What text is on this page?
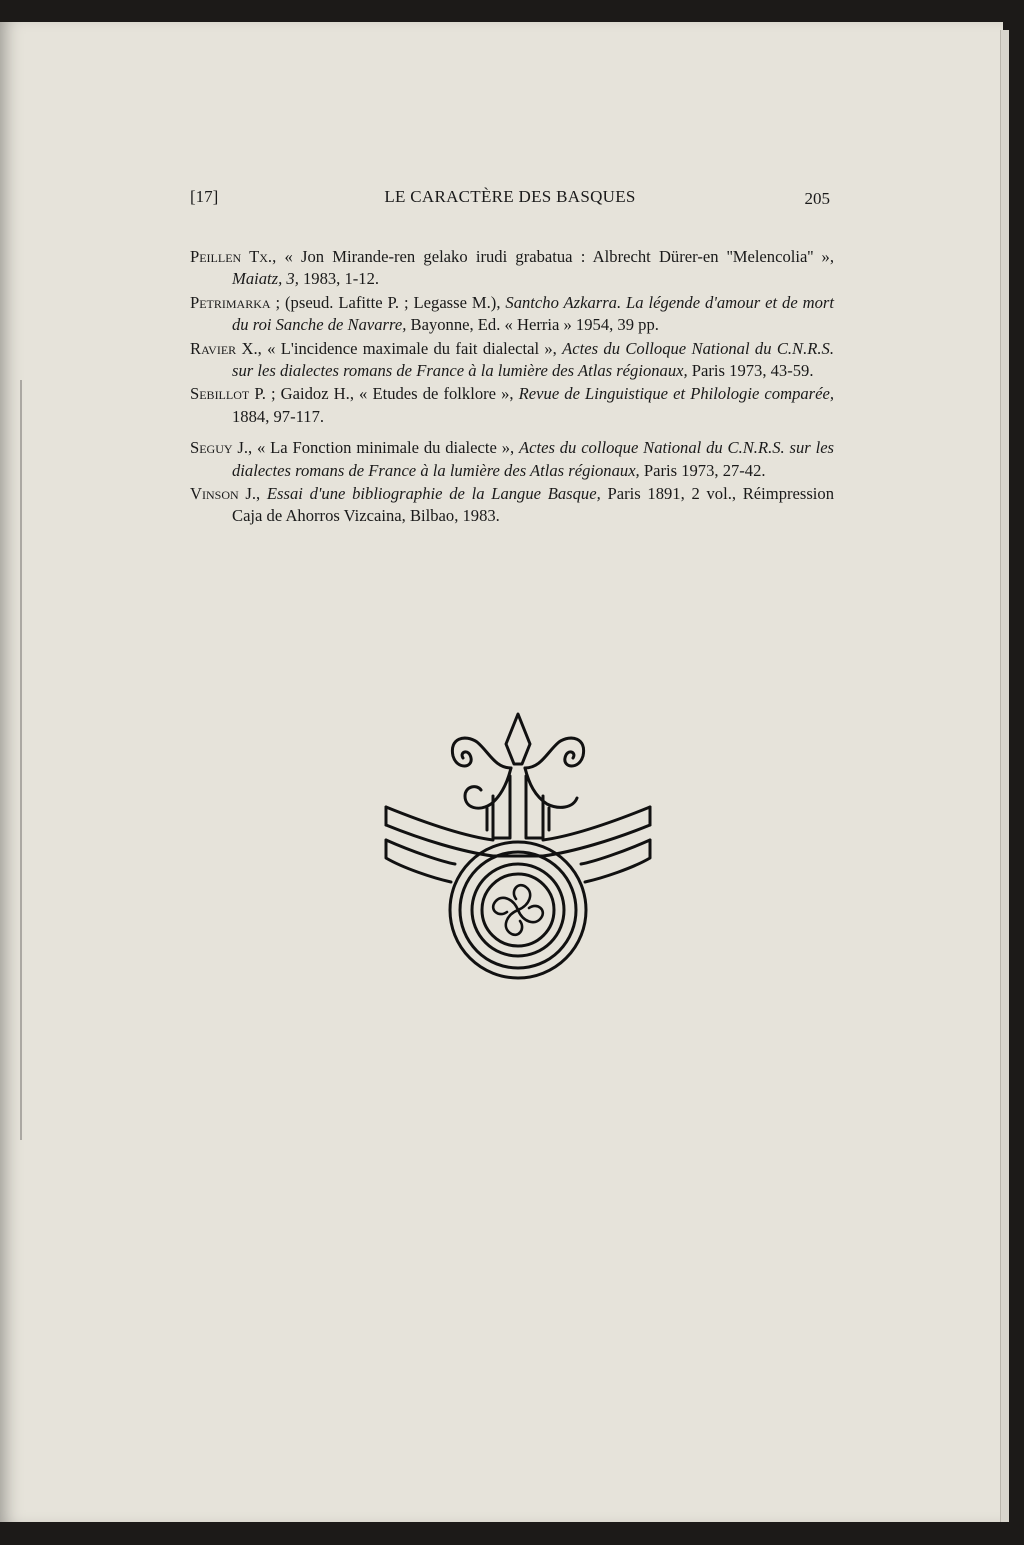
[17]	LE CARACTÈRE DES BASQUES	205

Peillen Tx., « Jon Mirande-ren gelako irudi grabatua : Albrecht Dürer-en ''Melencolia'' », Maiatz, 3, 1983, 1-12.

Petrimarka ; (pseud. Lafitte P. ; Legasse M.), Santcho Azkarra. La légende d'amour et de mort du roi Sanche de Navarre, Bayonne, Ed. « Herria » 1954, 39 pp.

Ravier X., « L'incidence maximale du fait dialectal », Actes du Colloque National du C.N.R.S. sur les dialectes romans de France à la lumière des Atlas régionaux, Paris 1973, 43-59.

Sebillot P. ; Gaidoz H., « Etudes de folklore », Revue de Linguistique et Philologie comparée, 1884, 97-117.

Seguy J., « La Fonction minimale du dialecte », Actes du colloque National du C.N.R.S. sur les dialectes romans de France à la lumière des Atlas régionaux, Paris 1973, 27-42.

Vinson J., Essai d'une bibliographie de la Langue Basque, Paris 1891, 2 vol., Réimpression Caja de Ahorros Vizcaina, Bilbao, 1983.
